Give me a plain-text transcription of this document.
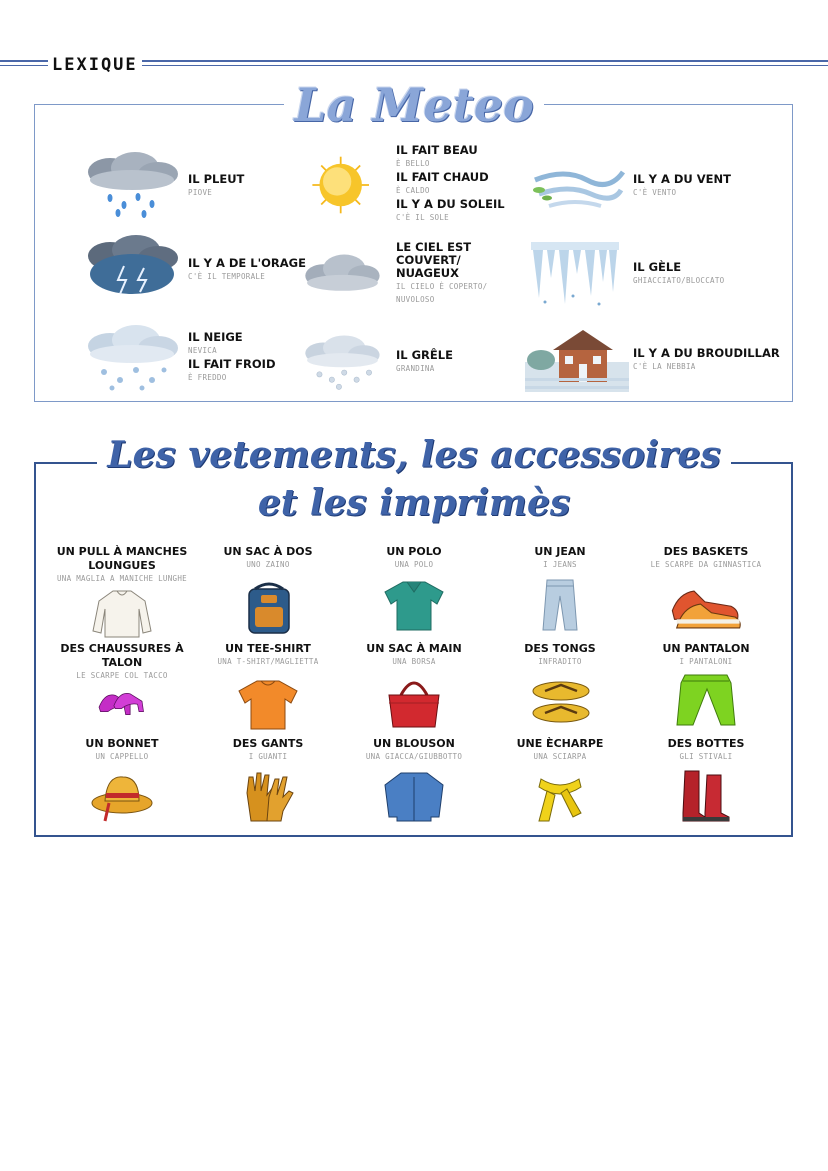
LEXIQUE
La Meteo
IL PLEUT
PIOVE
IL FAIT BEAU
È BELLO
IL FAIT CHAUD
È CALDO
IL Y A DU SOLEIL
C'È IL SOLE
IL Y A DU VENT
C'È VENTO
IL Y A DE L'ORAGE
C'È IL TEMPORALE
LE CIEL EST COUVERT/ NUAGEUX
IL CIELO È COPERTO/ NUVOLOSO
IL GÈLE
GHIACCIATO/BLOCCATO
IL NEIGE
NEVICA
IL FAIT FROID
È FREDDO
IL GRÊLE
GRANDINA
IL Y A DU BROUDILLAR
C'È LA NEBBIA
Les vetements, les accessoires
et les imprimès
UN PULL À MANCHES LOUNGUES
UNA MAGLIA A MANICHE LUNGHE
UN SAC À DOS
UNO ZAINO
UN POLO
UNA POLO
UN JEAN
I JEANS
DES BASKETS
LE SCARPE DA GINNASTICA
DES CHAUSSURES À TALON
LE SCARPE COL TACCO
UN TEE-SHIRT
UNA T-SHIRT/MAGLIETTA
UN SAC À MAIN
UNA BORSA
DES TONGS
INFRADITO
UN PANTALON
I PANTALONI
UN BONNET
UN CAPPELLO
DES GANTS
I GUANTI
UN BLOUSON
UNA GIACCA/GIUBBOTTO
UNE ÈCHARPE
UNA SCIARPA
DES BOTTES
GLI STIVALI
